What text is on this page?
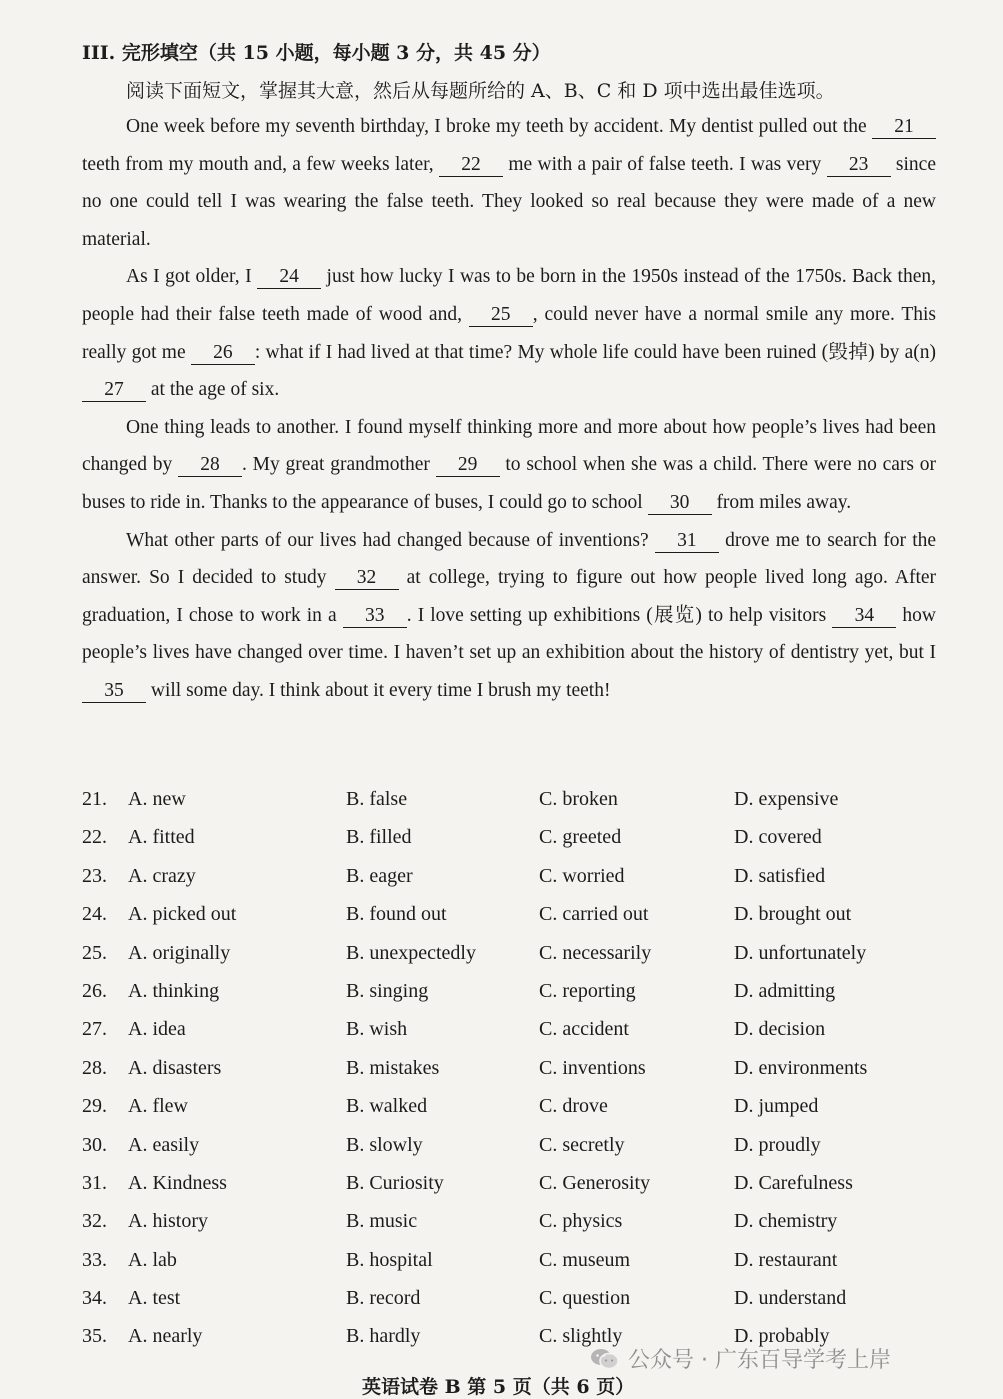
III. 完形填空（共 15 小题，每小题 3 分，共 45 分）
阅读下面短文，掌握其大意，然后从每题所给的 A、B、C 和 D 项中选出最佳选项。

One week before my seventh birthday, I broke my teeth by accident. My dentist pulled out the 21 teeth from my mouth and, a few weeks later, 22 me with a pair of false teeth. I was very 23 since no one could tell I was wearing the false teeth. They looked so real because they were made of a new material.

As I got older, I 24 just how lucky I was to be born in the 1950s instead of the 1750s. Back then, people had their false teeth made of wood and, 25 , could never have a normal smile any more. This really got me 26 : what if I had lived at that time? My whole life could have been ruined (毁掉) by a(n) 27 at the age of six.

One thing leads to another. I found myself thinking more and more about how people’s lives had been changed by 28 . My great grandmother 29 to school when she was a child. There were no cars or buses to ride in. Thanks to the appearance of buses, I could go to school 30 from miles away.

What other parts of our lives had changed because of inventions? 31 drove me to search for the answer. So I decided to study 32 at college, trying to figure out how people lived long ago. After graduation, I chose to work in a 33 . I love setting up exhibitions (展览) to help visitors 34 how people’s lives have changed over time. I haven’t set up an exhibition about the history of dentistry yet, but I 35 will some day. I think about it every time I brush my teeth!

21. A. new	B. false	C. broken	D. expensive
22. A. fitted	B. filled	C. greeted	D. covered
23. A. crazy	B. eager	C. worried	D. satisfied
24. A. picked out	B. found out	C. carried out	D. brought out
25. A. originally	B. unexpectedly	C. necessarily	D. unfortunately
26. A. thinking	B. singing	C. reporting	D. admitting
27. A. idea	B. wish	C. accident	D. decision
28. A. disasters	B. mistakes	C. inventions	D. environments
29. A. flew	B. walked	C. drove	D. jumped
30. A. easily	B. slowly	C. secretly	D. proudly
31. A. Kindness	B. Curiosity	C. Generosity	D. Carefulness
32. A. history	B. music	C. physics	D. chemistry
33. A. lab	B. hospital	C. museum	D. restaurant
34. A. test	B. record	C. question	D. understand
35. A. nearly	B. hardly	C. slightly	D. probably
公众号 · 广东百导学考上岸
英语试卷 B 第 5 页（共 6 页）
